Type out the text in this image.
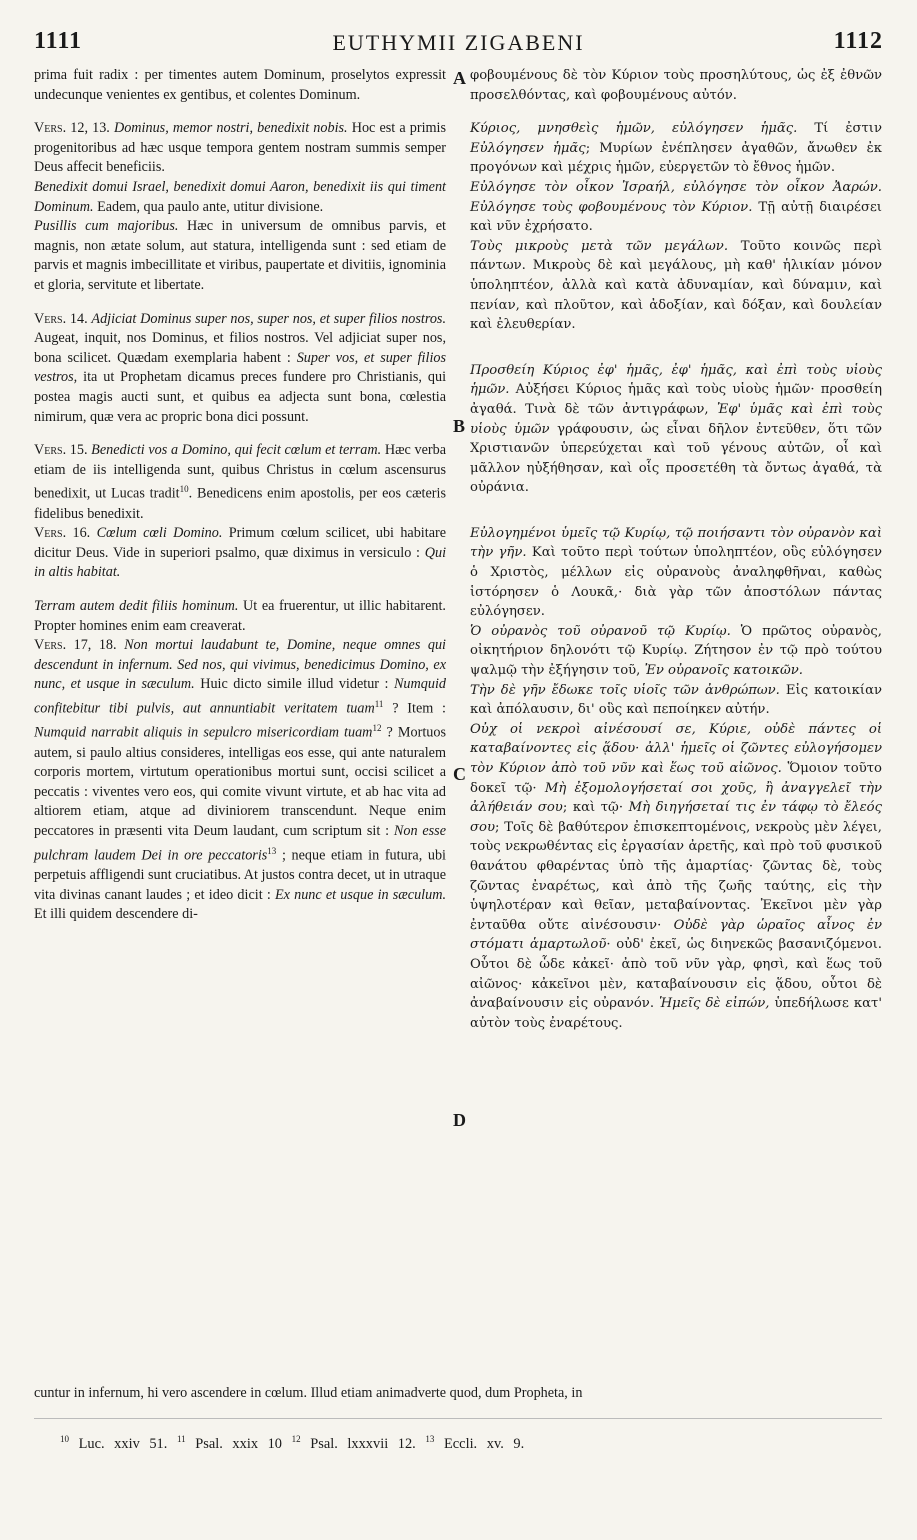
1111	EUTHYMII ZIGABENI	1112

prima fuit radix : per timentes autem Dominum, proselytos expressit undecunque venientes ex gentibus, et colentes Dominum.

Vers. 12, 13. Dominus, memor nostri, benedixit nobis. Hoc est a primis progenitoribus ad hæc usque tempora gentem nostram summis semper Deus affecit beneficiis.

Benedixit domui Israel, benedixit domui Aaron, benedixit iis qui timent Dominum. Eadem, qua paulo ante, utitur divisione.

Pusillis cum majoribus. Hæc in universum de omnibus parvis, et magnis, non ætate solum, aut statura, intelligenda sunt : sed etiam de parvis et magnis imbecillitate et viribus, paupertate et divitiis, ignominia et gloria, servitute et libertate.

Vers. 14. Adjiciat Dominus super nos, super nos, et super filios nostros. Augeat, inquit, nos Dominus, et filios nostros. Vel adjiciat super nos, bona scilicet. Quædam exemplaria habent : Super vos, et super filios vestros, ita ut Prophetam dicamus preces fundere pro Christianis, qui postea magis aucti sunt, et quibus ea adjecta sunt bona, cœlestia nimirum, quæ vera ac propric bona dici possunt.

Vers. 15. Benedicti vos a Domino, qui fecit cœlum et terram. Hæc verba etiam de iis intelligenda sunt, quibus Christus in cœlum ascensurus benedixit, ut Lucas tradit$^{10}$. Benedicens enim apostolis, per eos cæteris fidelibus benedixit.

Vers. 16. Cœlum cœli Domino. Primum cœlum scilicet, ubi habitare dicitur Deus. Vide in superiori psalmo, quæ diximus in versiculo : Qui in altis habitat.

Terram autem dedit filiis hominum. Ut ea fruerentur, ut illic habitarent. Propter homines enim eam creaverat.

Vers. 17, 18. Non mortui laudabunt te, Domine, neque omnes qui descendunt in infernum. Sed nos, qui vivimus, benedicimus Domino, ex nunc, et usque in sæculum. Huic dicto simile illud videtur : Numquid confitebitur tibi pulvis, aut annuntiabit veritatem tuam$^{11}$ ? Item : Numquid narrabit aliquis in sepulcro misericordiam tuam$^{12}$ ? Mortuos autem, si paulo altius consideres, intelligas eos esse, qui ante naturalem corporis mortem, virtutum operationibus mortui sunt, occisi scilicet a peccatis : viventes vero eos, qui comite vivunt virtute, et ab hac vita ad altiorem etiam, atque ad diviniorem transcendunt. Neque enim peccatores in præsenti vita Deum laudant, cum scriptum sit : Non esse pulchram laudem Dei in ore peccatoris$^{13}$ ; neque etiam in futura, ubi perpetuis affligendi sunt cruciatibus. At justos contra decet, ut in utraque vita divinas canant laudes ; et ideo dicit : Ex nunc et usque in sæculum. Et illi quidem descendere di-

A
B
C
D

φοβουμένους δὲ τὸν Κύριον τοὺς προσηλύτους, ὡς ἐξ ἐθνῶν προσελθόντας, καὶ φοβουμένους αὐτόν.

Κύριος, μνησθεὶς ἡμῶν, εὐλόγησεν ἡμᾶς. Τί ἐστιν Εὐλόγησεν ἡμᾶς; Μυρίων ἐνέπλησεν ἀγαθῶν, ἄνωθεν ἐκ προγόνων καὶ μέχρις ἡμῶν, εὐεργετῶν τὸ ἔθνος ἡμῶν.

Εὐλόγησε τὸν οἶκον Ἰσραήλ, εὐλόγησε τὸν οἶκον Ἀαρών. Εὐλόγησε τοὺς φοβουμένους τὸν Κύριον. Τῇ αὐτῇ διαιρέσει καὶ νῦν ἐχρήσατο.

Τοὺς μικροὺς μετὰ τῶν μεγάλων. Τοῦτο κοινῶς περὶ πάντων. Μικροὺς δὲ καὶ μεγάλους, μὴ καθ' ἡλικίαν μόνον ὑποληπτέον, ἀλλὰ καὶ κατὰ ἀδυναμίαν, καὶ δύναμιν, καὶ πενίαν, καὶ πλοῦτον, καὶ ἀδοξίαν, καὶ δόξαν, καὶ δουλείαν καὶ ἐλευθερίαν.

Προσθείη Κύριος ἐφ' ἡμᾶς, ἐφ' ἡμᾶς, καὶ ἐπὶ τοὺς υἱοὺς ἡμῶν. Αὐξήσει Κύριος ἡμᾶς καὶ τοὺς υἱοὺς ἡμῶν· προσθείη ἀγαθά. Τινὰ δὲ τῶν ἀντιγράφων, Ἐφ' ὑμᾶς καὶ ἐπὶ τοὺς υἱοὺς ὑμῶν γράφουσιν, ὡς εἶναι δῆλον ἐντεῦθεν, ὅτι τῶν Χριστιανῶν ὑπερεύχεται καὶ τοῦ γένους αὐτῶν, οἷ καὶ μᾶλλον ηὐξήθησαν, καὶ οἷς προσετέθη τὰ ὄντως ἀγαθά, τὰ οὐράνια.

Εὐλογημένοι ὑμεῖς τῷ Κυρίῳ, τῷ ποιήσαντι τὸν οὐρανὸν καὶ τὴν γῆν. Καὶ τοῦτο περὶ τούτων ὑποληπτέον, οὓς εὐλόγησεν ὁ Χριστὸς, μέλλων εἰς οὐρανοὺς ἀναληφθῆναι, καθὼς ἱστόρησεν ὁ Λουκᾶ,· διὰ γὰρ τῶν ἀποστόλων πάντας εὐλόγησεν.

Ὁ οὐρανὸς τοῦ οὐρανοῦ τῷ Κυρίῳ. Ὁ πρῶτος οὐρανὸς, οἰκητήριον δηλονότι τῷ Κυρίῳ. Ζήτησον ἐν τῷ πρὸ τούτου ψαλμῷ τὴν ἐξήγησιν τοῦ, Ἐν οὐρανοῖς κατοικῶν.

Τὴν δὲ γῆν ἔδωκε τοῖς υἱοῖς τῶν ἀνθρώπων. Εἰς κατοικίαν καὶ ἀπόλαυσιν, δι' οὓς καὶ πεποίηκεν αὐτήν.

Οὐχ οἱ νεκροὶ αἰνέσουσί σε, Κύριε, οὐδὲ πάντες οἱ καταβαίνοντες εἰς ᾅδου· ἀλλ' ἡμεῖς οἱ ζῶντες εὐλογήσομεν τὸν Κύριον ἀπὸ τοῦ νῦν καὶ ἕως τοῦ αἰῶνος. Ὅμοιον τοῦτο δοκεῖ τῷ· Μὴ ἐξομολογήσεταί σοι χοῦς, ἢ ἀναγγελεῖ τὴν ἀλήθειάν σου; καὶ τῷ· Μὴ διηγήσεταί τις ἐν τάφῳ τὸ ἔλεός σου; Τοῖς δὲ βαθύτερον ἐπισκεπτομένοις, νεκροὺς μὲν λέγει, τοὺς νεκρωθέντας εἰς ἐργασίαν ἀρετῆς, καὶ πρὸ τοῦ φυσικοῦ θανάτου φθαρέντας ὑπὸ τῆς ἁμαρτίας· ζῶντας δὲ, τοὺς ζῶντας ἐναρέτως, καὶ ἀπὸ τῆς ζωῆς ταύτης, εἰς τὴν ὑψηλοτέραν καὶ θεῖαν, μεταβαίνοντας. Ἐκεῖνοι μὲν γὰρ ἐνταῦθα οὔτε αἰνέσουσιν· Οὐδὲ γὰρ ὡραῖος αἶνος ἐν στόματι ἁμαρτωλοῦ· οὐδ' ἐκεῖ, ὡς διηνεκῶς βασανιζόμενοι. Οὗτοι δὲ ὧδε κἀκεῖ· ἀπὸ τοῦ νῦν γὰρ, φησὶ, καὶ ἕως τοῦ αἰῶνος· κἀκεῖνοι μὲν, καταβαίνουσιν εἰς ᾅδου, οὗτοι δὲ ἀναβαίνουσιν εἰς οὐρανόν. Ἡμεῖς δὲ εἰπών, ὑπεδήλωσε κατ' αὐτὸν τοὺς ἐναρέτους.

cuntur in infernum, hi vero ascendere in cœlum. Illud etiam animadverte quod, dum Propheta, in
$^{10}$ Luc. xxiv 51. $^{11}$ Psal. xxix 10 $^{12}$ Psal. lxxxvii 12. $^{13}$ Eccli. xv. 9.
